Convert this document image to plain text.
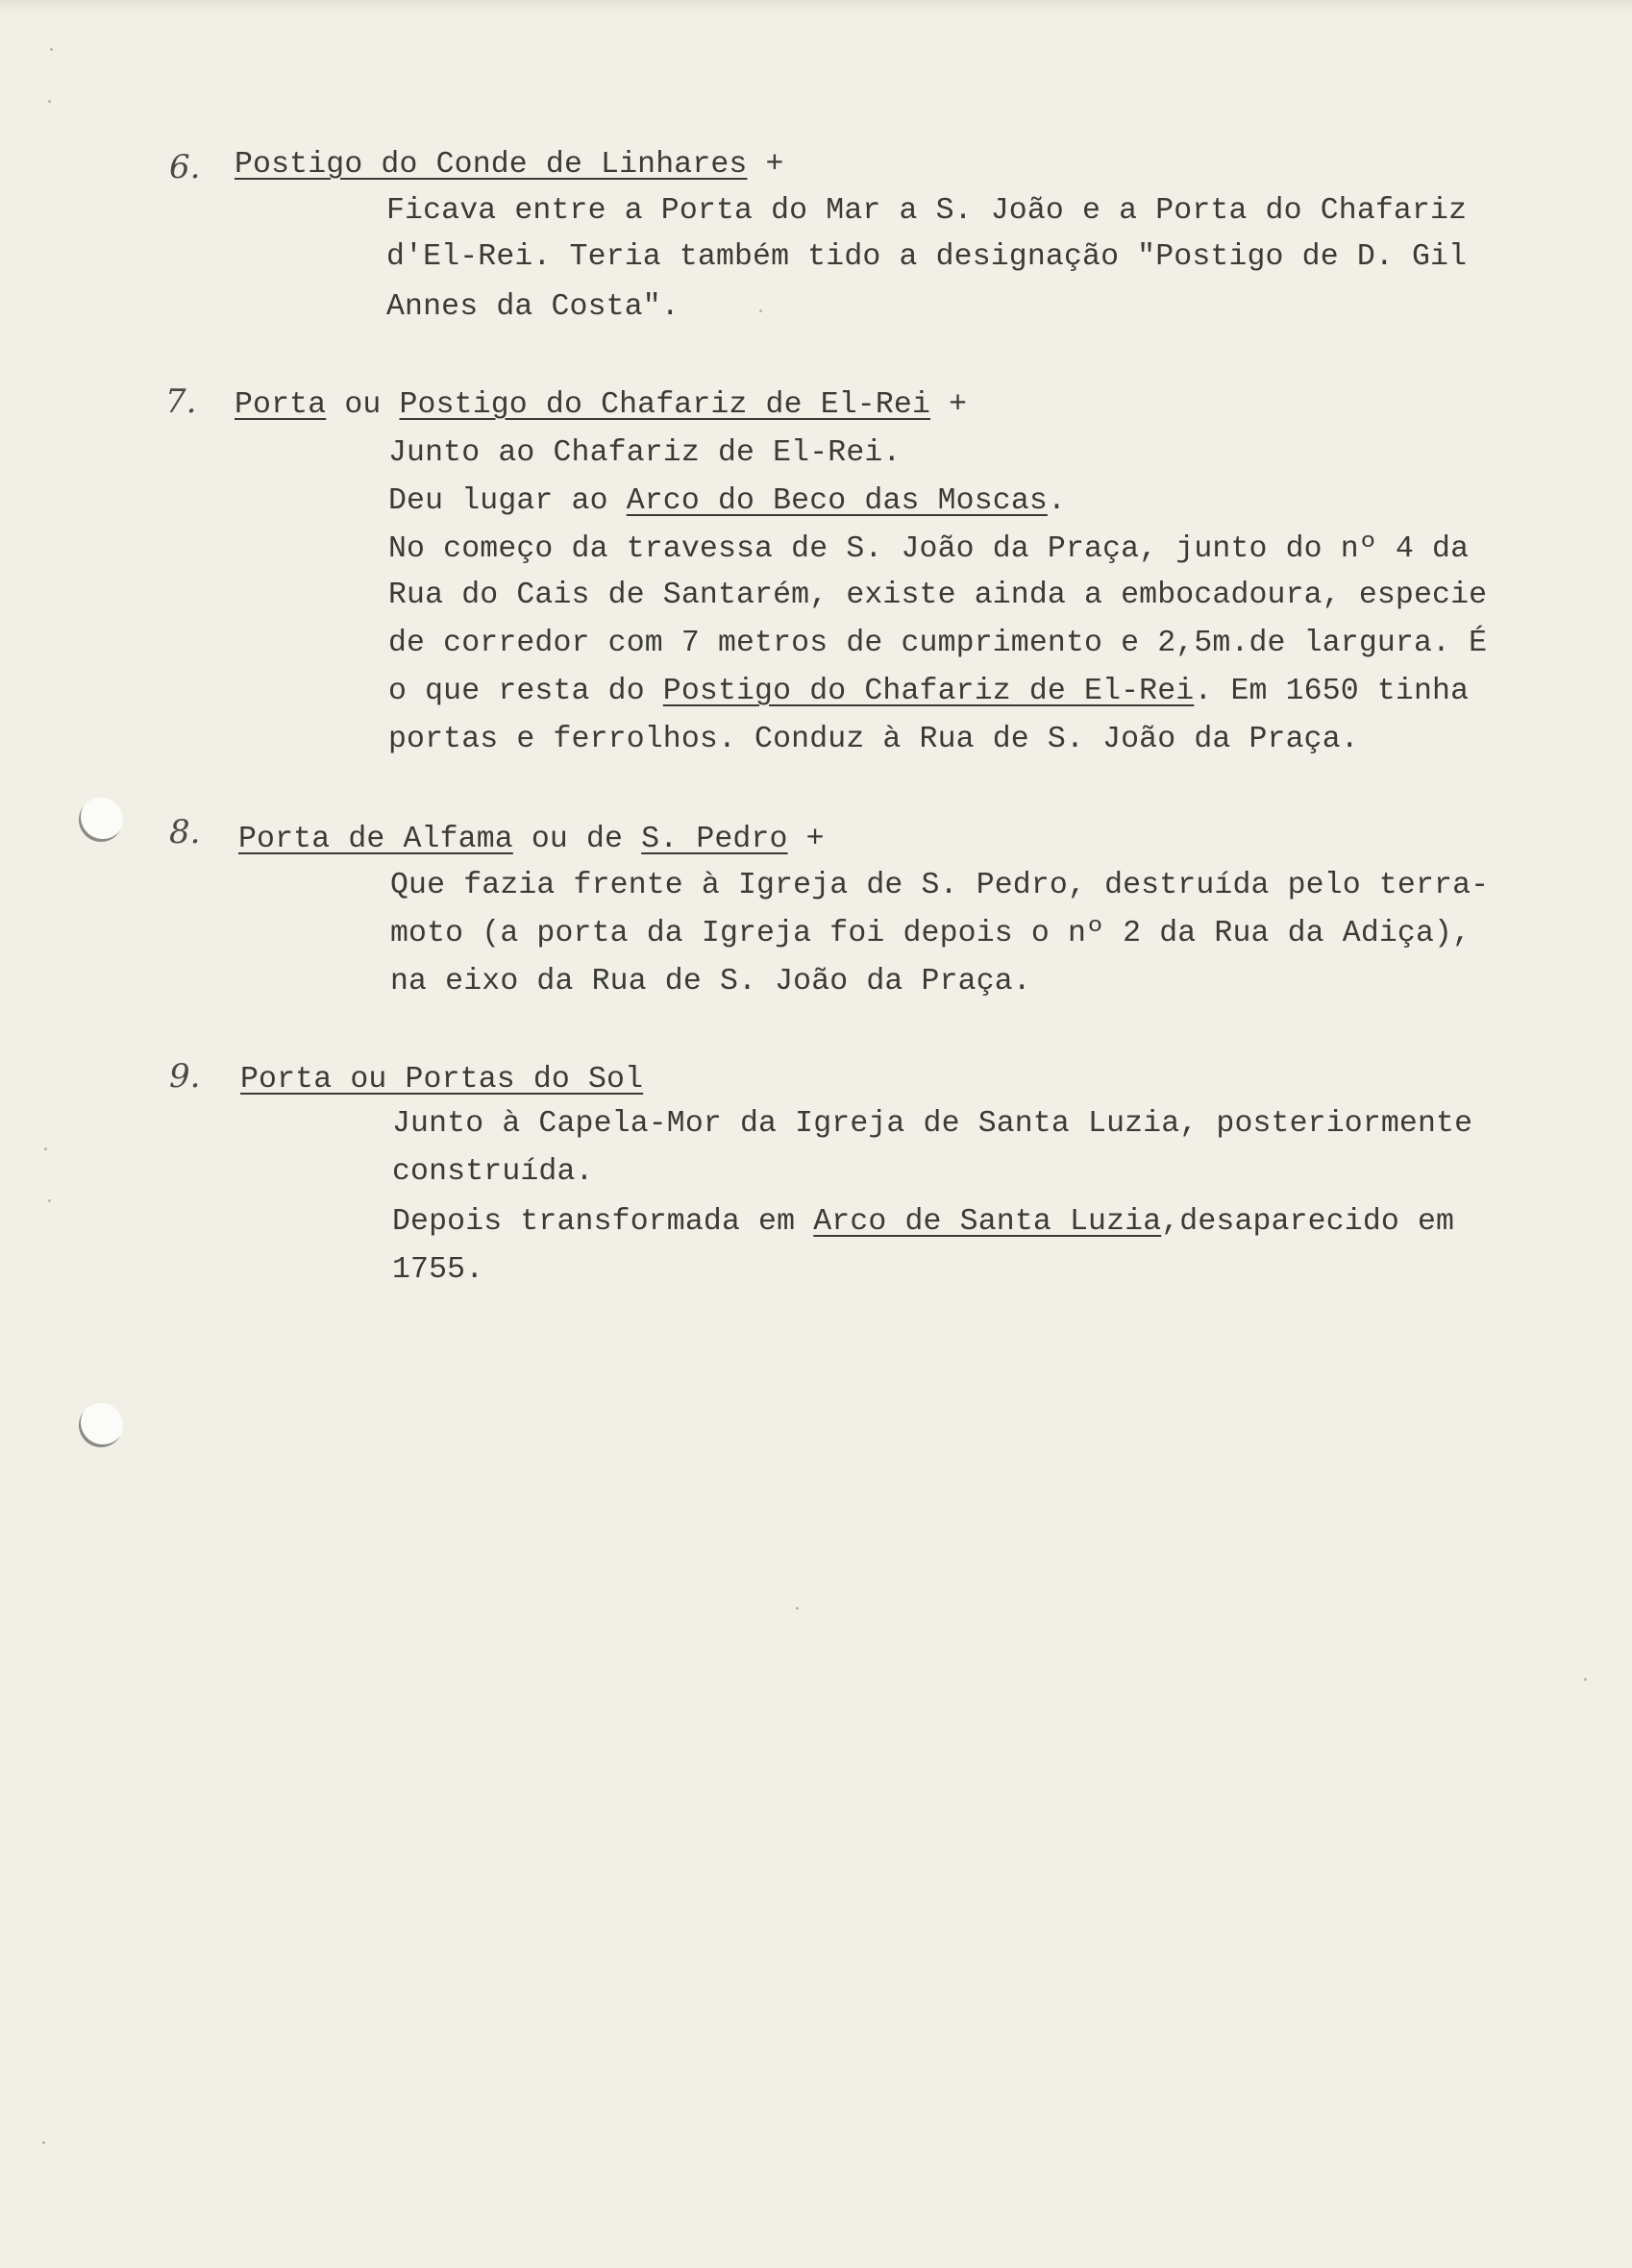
6. Postigo do Conde de Linhares +
Ficava entre a Porta do Mar a S. João e a Porta do Chafariz
d'El-Rei. Teria também tido a designação "Postigo de D. Gil
Annes da Costa".
7. Porta ou Postigo do Chafariz de El-Rei +
Junto ao Chafariz de El-Rei.
Deu lugar ao Arco do Beco das Moscas.
No começo da travessa de S. João da Praça, junto do nº 4 da
Rua do Cais de Santarém, existe ainda a embocadoura, especie
de corredor com 7 metros de cumprimento e 2,5m.de largura. É
o que resta do Postigo do Chafariz de El-Rei. Em 1650 tinha
portas e ferrolhos. Conduz à Rua de S. João da Praça.
8. Porta de Alfama ou de S. Pedro +
Que fazia frente à Igreja de S. Pedro, destruída pelo terra-
moto (a porta da Igreja foi depois o nº 2 da Rua da Adiça),
na eixo da Rua de S. João da Praça.
9. Porta ou Portas do Sol
Junto à Capela-Mor da Igreja de Santa Luzia, posteriormente
construída.
Depois transformada em Arco de Santa Luzia,desaparecido em
1755.
